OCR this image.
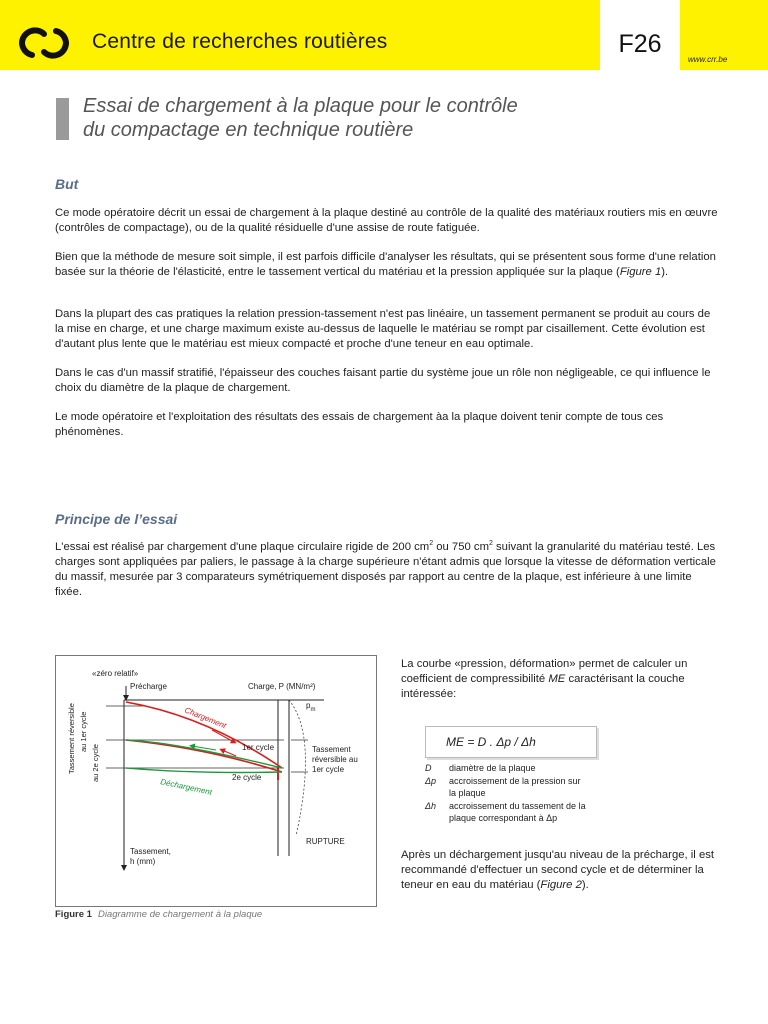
Centre de recherches routières	F26
www.crr.be
Essai de chargement à la plaque pour le contrôle
du compactage en technique routière
But

Ce mode opératoire décrit un essai de chargement à la plaque destiné au contrôle de la qualité des matériaux routiers mis en œuvre (contrôles de compactage), ou de la qualité résiduelle d'une assise de route fatiguée.

Bien que la méthode de mesure soit simple, il est parfois difficile d'analyser les résultats, qui se présentent sous forme d'une relation basée sur la théorie de l'élasticité, entre le tassement vertical du matériau et la pression appliquée sur la plaque (Figure 1).

Dans la plupart des cas pratiques la relation pression-tassement n'est pas linéaire, un tassement permanent se produit au cours de la mise en charge, et une charge maximum existe au-dessus de laquelle le matériau se rompt par cisaillement. Cette évolution est d'autant plus lente que le matériau est mieux compacté et proche d'une teneur en eau optimale.

Dans le cas d'un massif stratifié, l'épaisseur des couches faisant partie du système joue un rôle non négligeable, ce qui influence le choix du diamètre de la plaque de chargement.

Le mode opératoire et l'exploitation des résultats des essais de chargement àa la plaque doivent tenir compte de tous ces phénomènes.

Principe de l’essai

L'essai est réalisé par chargement d'une plaque circulaire rigide de 200 $cm^2$ ou 750 $cm^2$ suivant la granularité du matériau testé. Les charges sont appliquées par paliers, le passage à la charge supérieure n'étant admis que lorsque la vitesse de déformation verticale du massif, mesurée par 3 comparateurs symétriquement disposés par rapport au centre de la plaque, est inférieure à une limite fixée.

«zéro relatif»
Précharge	Charge, P (MN/m²)
$p_m$
Chargement
Déchargement
1er cycle
2e cycle
Tassement
réversible au
1er cycle
Tassement réversible au 1er cycle
au 2e cycle
Tassement,
h (mm)
RUPTURE
Figure 1 Diagramme de chargement à la plaque

La courbe «pression, déformation» permet de calculer un coefficient de compressibilité ME caractérisant la couche intéressée:

ME = D . Δp / Δh
D	diamètre de la plaque
Δp	accroissement de la pression sur la plaque
Δh	accroissement du tassement de la plaque correspondant à Δp

Après un déchargement jusqu'au niveau de la précharge, il est recommandé d'effectuer un second cycle et de déterminer la teneur en eau du matériau (Figure 2).
